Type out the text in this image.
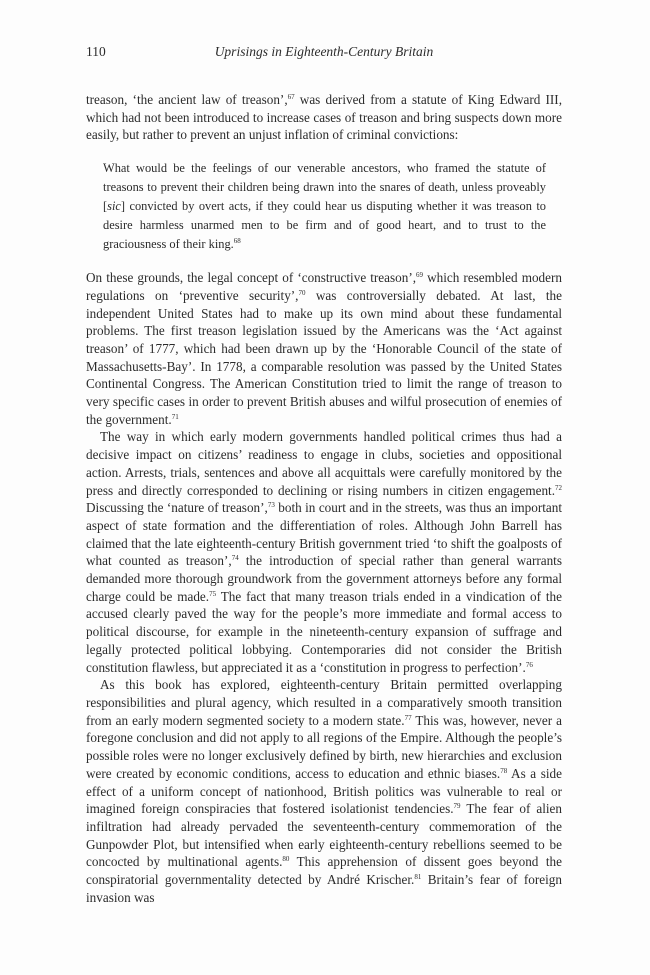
110	Uprisings in Eighteenth-Century Britain

treason, ‘the ancient law of treason’,$^{67}$ was derived from a statute of King Edward III, which had not been introduced to increase cases of treason and bring suspects down more easily, but rather to prevent an unjust inflation of criminal convictions:

What would be the feelings of our venerable ancestors, who framed the statute of treasons to prevent their children being drawn into the snares of death, unless proveably [sic] convicted by overt acts, if they could hear us disputing whether it was treason to desire harmless unarmed men to be firm and of good heart, and to trust to the graciousness of their king.$^{68}$

On these grounds, the legal concept of ‘constructive treason’,$^{69}$ which resembled modern regulations on ‘preventive security’,$^{70}$ was controversially debated. At last, the independent United States had to make up its own mind about these fundamental problems. The first treason legislation issued by the Americans was the ‘Act against treason’ of 1777, which had been drawn up by the ‘Honorable Council of the state of Massachusetts-Bay’. In 1778, a comparable resolution was passed by the United States Continental Congress. The American Constitution tried to limit the range of treason to very specific cases in order to prevent British abuses and wilful prosecution of enemies of the government.$^{71}$

The way in which early modern governments handled political crimes thus had a decisive impact on citizens’ readiness to engage in clubs, societies and oppositional action. Arrests, trials, sentences and above all acquittals were carefully monitored by the press and directly corresponded to declining or rising numbers in citizen engagement.$^{72}$ Discussing the ‘nature of treason’,$^{73}$ both in court and in the streets, was thus an important aspect of state formation and the differentiation of roles. Although John Barrell has claimed that the late eighteenth-century British government tried ‘to shift the goalposts of what counted as treason’,$^{74}$ the introduction of special rather than general warrants demanded more thorough groundwork from the government attorneys before any formal charge could be made.$^{75}$ The fact that many treason trials ended in a vindication of the accused clearly paved the way for the people’s more immediate and formal access to political discourse, for example in the nineteenth-century expansion of suffrage and legally protected political lobbying. Contemporaries did not consider the British constitution flawless, but appreciated it as a ‘constitution in progress to perfection’.$^{76}$

As this book has explored, eighteenth-century Britain permitted overlapping responsibilities and plural agency, which resulted in a comparatively smooth transition from an early modern segmented society to a modern state.$^{77}$ This was, however, never a foregone conclusion and did not apply to all regions of the Empire. Although the people’s possible roles were no longer exclusively defined by birth, new hierarchies and exclusion were created by economic conditions, access to education and ethnic biases.$^{78}$ As a side effect of a uniform concept of nationhood, British politics was vulnerable to real or imagined foreign conspiracies that fostered isolationist tendencies.$^{79}$ The fear of alien infiltration had already pervaded the seventeenth-century commemoration of the Gunpowder Plot, but intensified when early eighteenth-century rebellions seemed to be concocted by multinational agents.$^{80}$ This apprehension of dissent goes beyond the conspiratorial governmentality detected by André Krischer.$^{81}$ Britain’s fear of foreign invasion was
